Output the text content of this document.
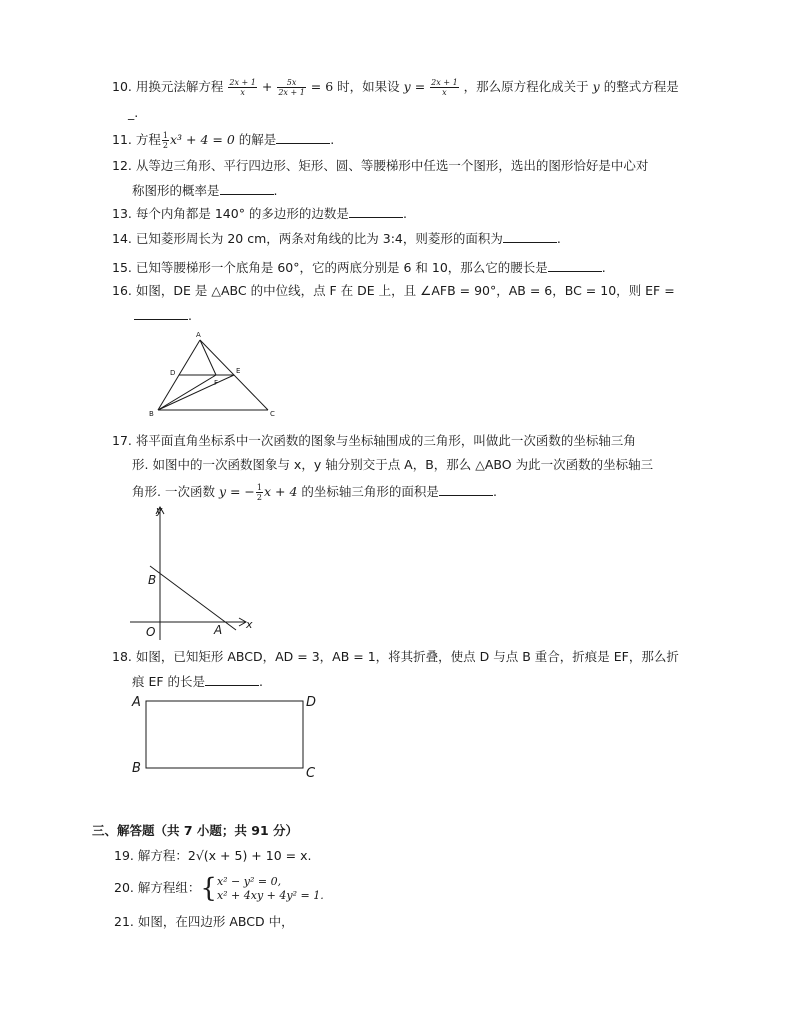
10. 用换元法解方程 $\frac{2x + 1}{x} + \frac{5x}{2x + 1} = 6$ 时，如果设 $y = \frac{2x + 1}{x}$ ，那么原方程化成关于 y 的整式方程是
_.
11. 方程 $\frac{1}{2} x^3 + 4 = 0$ 的解是	.
12. 从等边三角形、平行四边形、矩形、圆、等腰梯形中任选一个图形，选出的图形恰好是中心对
称图形的概率是	.
13. 每个内角都是 140° 的多边形的边数是	.
14. 已知菱形周长为 20 cm，两条对角线的比为 3:4，则菱形的面积为	.
15. 已知等腰梯形一个底角是 60°，它的两底分别是 6 和 10，那么它的腰长是	.
16. 如图，DE 是 △ABC 的中位线，点 F 在 DE 上，且 ∠AFB = 90°，AB = 6，BC = 10，则 EF =
.
A
D	E
F
B	C
17. 将平面直角坐标系中一次函数的图象与坐标轴围成的三角形，叫做此一次函数的坐标轴三角
形. 如图中的一次函数图象与 x，y 轴分别交于点 A，B，那么 △ABO 为此一次函数的坐标轴三
角形. 一次函数 y = − $\frac{1}{2}$ x + 4 的坐标轴三角形的面积是	.
y
x
B
O	A
18. 如图，已知矩形 ABCD，AD = 3，AB = 1，将其折叠，使点 D 与点 B 重合，折痕是 EF，那么折
痕 EF 的长是	.
A	D
B	C
三、解答题（共 7 小题；共 91 分）
19. 解方程：2√(x + 5) + 10 = x.
20. 解方程组：{ x² − y² = 0,
x² + 4xy + 4y² = 1.
21. 如图，在四边形 ABCD 中，
